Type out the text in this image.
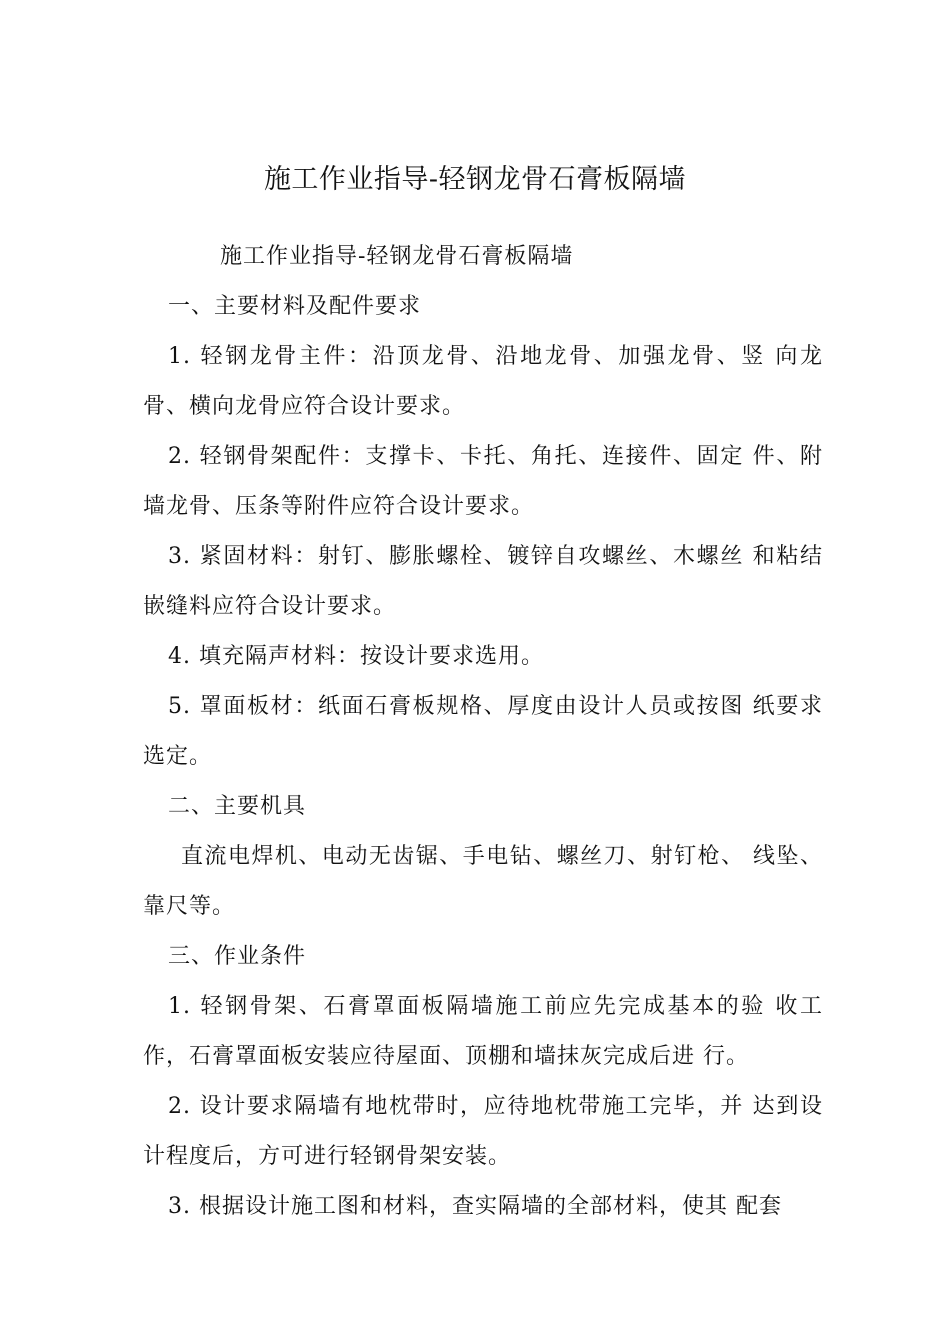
施工作业指导-轻钢龙骨石膏板隔墙

施工作业指导-轻钢龙骨石膏板隔墙

一、主要材料及配件要求

1. 轻钢龙骨主件：沿顶龙骨、沿地龙骨、加强龙骨、竖 向龙骨、横向龙骨应符合设计要求。

2. 轻钢骨架配件：支撑卡、卡托、角托、连接件、固定 件、附墙龙骨、压条等附件应符合设计要求。

3. 紧固材料：射钉、膨胀螺栓、镀锌自攻螺丝、木螺丝 和粘结嵌缝料应符合设计要求。

4. 填充隔声材料：按设计要求选用。

5. 罩面板材：纸面石膏板规格、厚度由设计人员或按图 纸要求选定。

二、主要机具

直流电焊机、电动无齿锯、手电钻、螺丝刀、射钉枪、 线坠、靠尺等。

三、作业条件

1. 轻钢骨架、石膏罩面板隔墙施工前应先完成基本的验 收工作，石膏罩面板安装应待屋面、顶棚和墙抹灰完成后进 行。

2. 设计要求隔墙有地枕带时，应待地枕带施工完毕，并 达到设计程度后，方可进行轻钢骨架安装。

3. 根据设计施工图和材料，查实隔墙的全部材料，使其 配套
